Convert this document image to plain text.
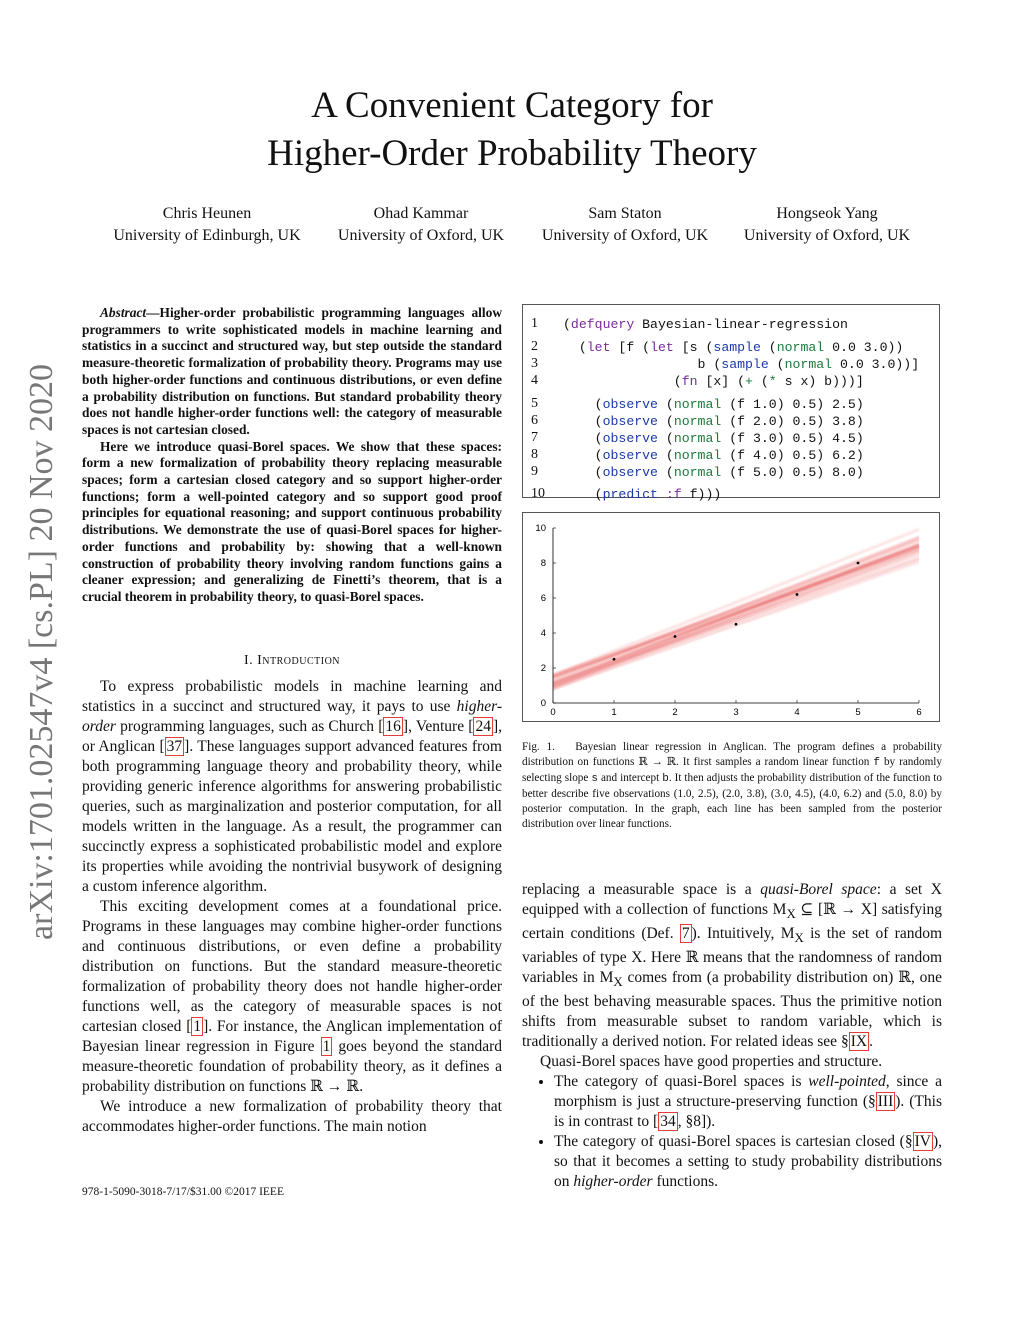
arXiv:1701.02547v4 [cs.PL] 20 Nov 2020
A Convenient Category for
Higher-Order Probability Theory
Chris Heunen
University of Edinburgh, UK
Ohad Kammar
University of Oxford, UK
Sam Staton
University of Oxford, UK
Hongseok Yang
University of Oxford, UK

Abstract—Higher-order probabilistic programming languages allow programmers to write sophisticated models in machine learning and statistics in a succinct and structured way, but step outside the standard measure-theoretic formalization of probability theory. Programs may use both higher-order functions and continuous distributions, or even define a probability distribution on functions. But standard probability theory does not handle higher-order functions well: the category of measurable spaces is not cartesian closed.

Here we introduce quasi-Borel spaces. We show that these spaces: form a new formalization of probability theory replacing measurable spaces; form a cartesian closed category and so support higher-order functions; form a well-pointed category and so support good proof principles for equational reasoning; and support continuous probability distributions. We demonstrate the use of quasi-Borel spaces for higher-order functions and probability by: showing that a well-known construction of probability theory involving random functions gains a cleaner expression; and generalizing de Finetti’s theorem, that is a crucial theorem in probability theory, to quasi-Borel spaces.

I. Introduction

To express probabilistic models in machine learning and statistics in a succinct and structured way, it pays to use higher-order programming languages, such as Church [ 16 ], Venture [ 24 ], or Anglican [ 37 ]. These languages support advanced features from both programming language theory and probability theory, while providing generic inference algorithms for answering probabilistic queries, such as marginalization and posterior computation, for all models written in the language. As a result, the programmer can succinctly express a sophisticated probabilistic model and explore its properties while avoiding the nontrivial busywork of designing a custom inference algorithm.

This exciting development comes at a foundational price. Programs in these languages may combine higher-order functions and continuous distributions, or even define a probability distribution on functions. But the standard measure-theoretic formalization of probability theory does not handle higher-order functions well, as the category of measurable spaces is not cartesian closed [ 1 ]. For instance, the Anglican implementation of Bayesian linear regression in Figure 1 goes beyond the standard measure-theoretic foundation of probability theory, as it defines a probability distribution on functions ℝ → ℝ.

We introduce a new formalization of probability theory that accommodates higher-order functions. The main notion

1	(defquery Bayesian-linear-regression
2	(let [f (let [s (sample (normal 0.0 3.0))
3	b (sample (normal 0.0 3.0))]
4	(fn [x] (+ (* s x) b)))]
5	(observe (normal (f 1.0) 0.5) 2.5)
6	(observe (normal (f 2.0) 0.5) 3.8)
7	(observe (normal (f 3.0) 0.5) 4.5)
8	(observe (normal (f 4.0) 0.5) 6.2)
9	(observe (normal (f 5.0) 0.5) 8.0)
10	(predict :f f)))
0	1	2	3	4	5	6
0
2
4
6
8
10

Fig. 1. Bayesian linear regression in Anglican. The program defines a probability distribution on functions ℝ → ℝ. It first samples a random linear function f by randomly selecting slope s and intercept b. It then adjusts the probability distribution of the function to better describe five observations (1.0, 2.5), (2.0, 3.8), (3.0, 4.5), (4.0, 6.2) and (5.0, 8.0) by posterior computation. In the graph, each line has been sampled from the posterior distribution over linear functions.

replacing a measurable space is a quasi-Borel space: a set X equipped with a collection of functions $M_X$ ⊆ [ℝ → X] satisfying certain conditions (Def. 7 ). Intuitively, $M_X$ is the set of random variables of type X. Here ℝ means that the randomness of random variables in $M_X$ comes from (a probability distribution on) ℝ, one of the best behaving measurable spaces. Thus the primitive notion shifts from measurable subset to random variable, which is traditionally a derived notion. For related ideas see § IX .

Quasi-Borel spaces have good properties and structure.

• The category of quasi-Borel spaces is well-pointed, since a morphism is just a structure-preserving function (§ III ). (This is in contrast to [ 34 , §8]).
• The category of quasi-Borel spaces is cartesian closed (§ IV ), so that it becomes a setting to study probability distributions on higher-order functions.
978-1-5090-3018-7/17/$31.00 ©2017 IEEE
